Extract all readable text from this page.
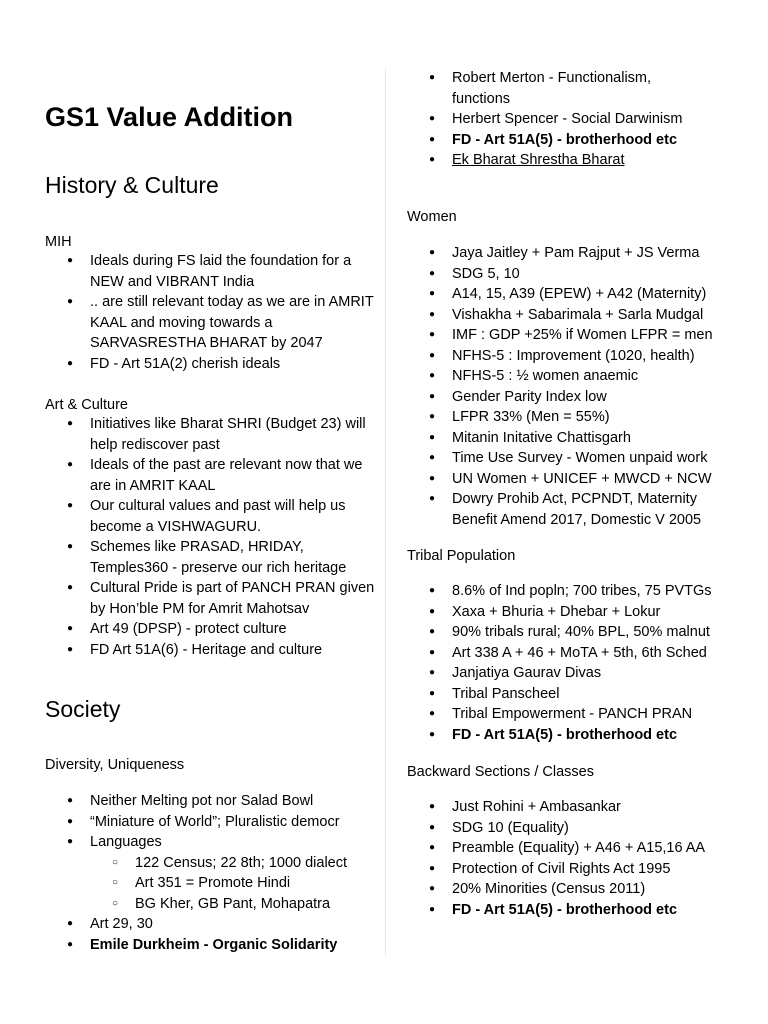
GS1 Value Addition
History & Culture

MIH

● Ideals during FS laid the foundation for a NEW and VIBRANT India
● .. are still relevant today as we are in AMRIT KAAL and moving towards a SARVASRESTHA BHARAT by 2047
● FD - Art 51A(2) cherish ideals

Art & Culture

● Initiatives like Bharat SHRI (Budget 23) will help rediscover past
● Ideals of the past are relevant now that we are in AMRIT KAAL
● Our cultural values and past will help us become a VISHWAGURU.
● Schemes like PRASAD, HRIDAY, Temples360 - preserve our rich heritage
● Cultural Pride is part of PANCH PRAN given by Hon’ble PM for Amrit Mahotsav
● Art 49 (DPSP) - protect culture
● FD Art 51A(6) - Heritage and culture
Society

Diversity, Uniqueness

● Neither Melting pot nor Salad Bowl
● “Miniature of World”; Pluralistic democr
● Languages
○ 122 Census; 22 8th; 1000 dialect
○ Art 351 = Promote Hindi
○ BG Kher, GB Pant, Mohapatra
● Art 29, 30
● Emile Durkheim - Organic Solidarity
● Robert Merton - Functionalism, functions
● Herbert Spencer - Social Darwinism
● FD - Art 51A(5) - brotherhood etc
● Ek Bharat Shrestha Bharat

Women

● Jaya Jaitley + Pam Rajput + JS Verma
● SDG 5, 10
● A14, 15, A39 (EPEW) + A42 (Maternity)
● Vishakha + Sabarimala + Sarla Mudgal
● IMF : GDP +25% if Women LFPR = men
● NFHS-5 : Improvement (1020, health)
● NFHS-5 : ½ women anaemic
● Gender Parity Index low
● LFPR 33% (Men = 55%)
● Mitanin Initative Chattisgarh
● Time Use Survey - Women unpaid work
● UN Women + UNICEF + MWCD + NCW
● Dowry Prohib Act, PCPNDT, Maternity Benefit Amend 2017, Domestic V 2005

Tribal Population

● 8.6% of Ind popln; 700 tribes, 75 PVTGs
● Xaxa + Bhuria + Dhebar + Lokur
● 90% tribals rural; 40% BPL, 50% malnut
● Art 338 A + 46 + MoTA + 5th, 6th Sched
● Janjatiya Gaurav Divas
● Tribal Panscheel
● Tribal Empowerment - PANCH PRAN
● FD - Art 51A(5) - brotherhood etc

Backward Sections / Classes

● Just Rohini + Ambasankar
● SDG 10 (Equality)
● Preamble (Equality) + A46 + A15,16 AA
● Protection of Civil Rights Act 1995
● 20% Minorities (Census 2011)
● FD - Art 51A(5) - brotherhood etc
